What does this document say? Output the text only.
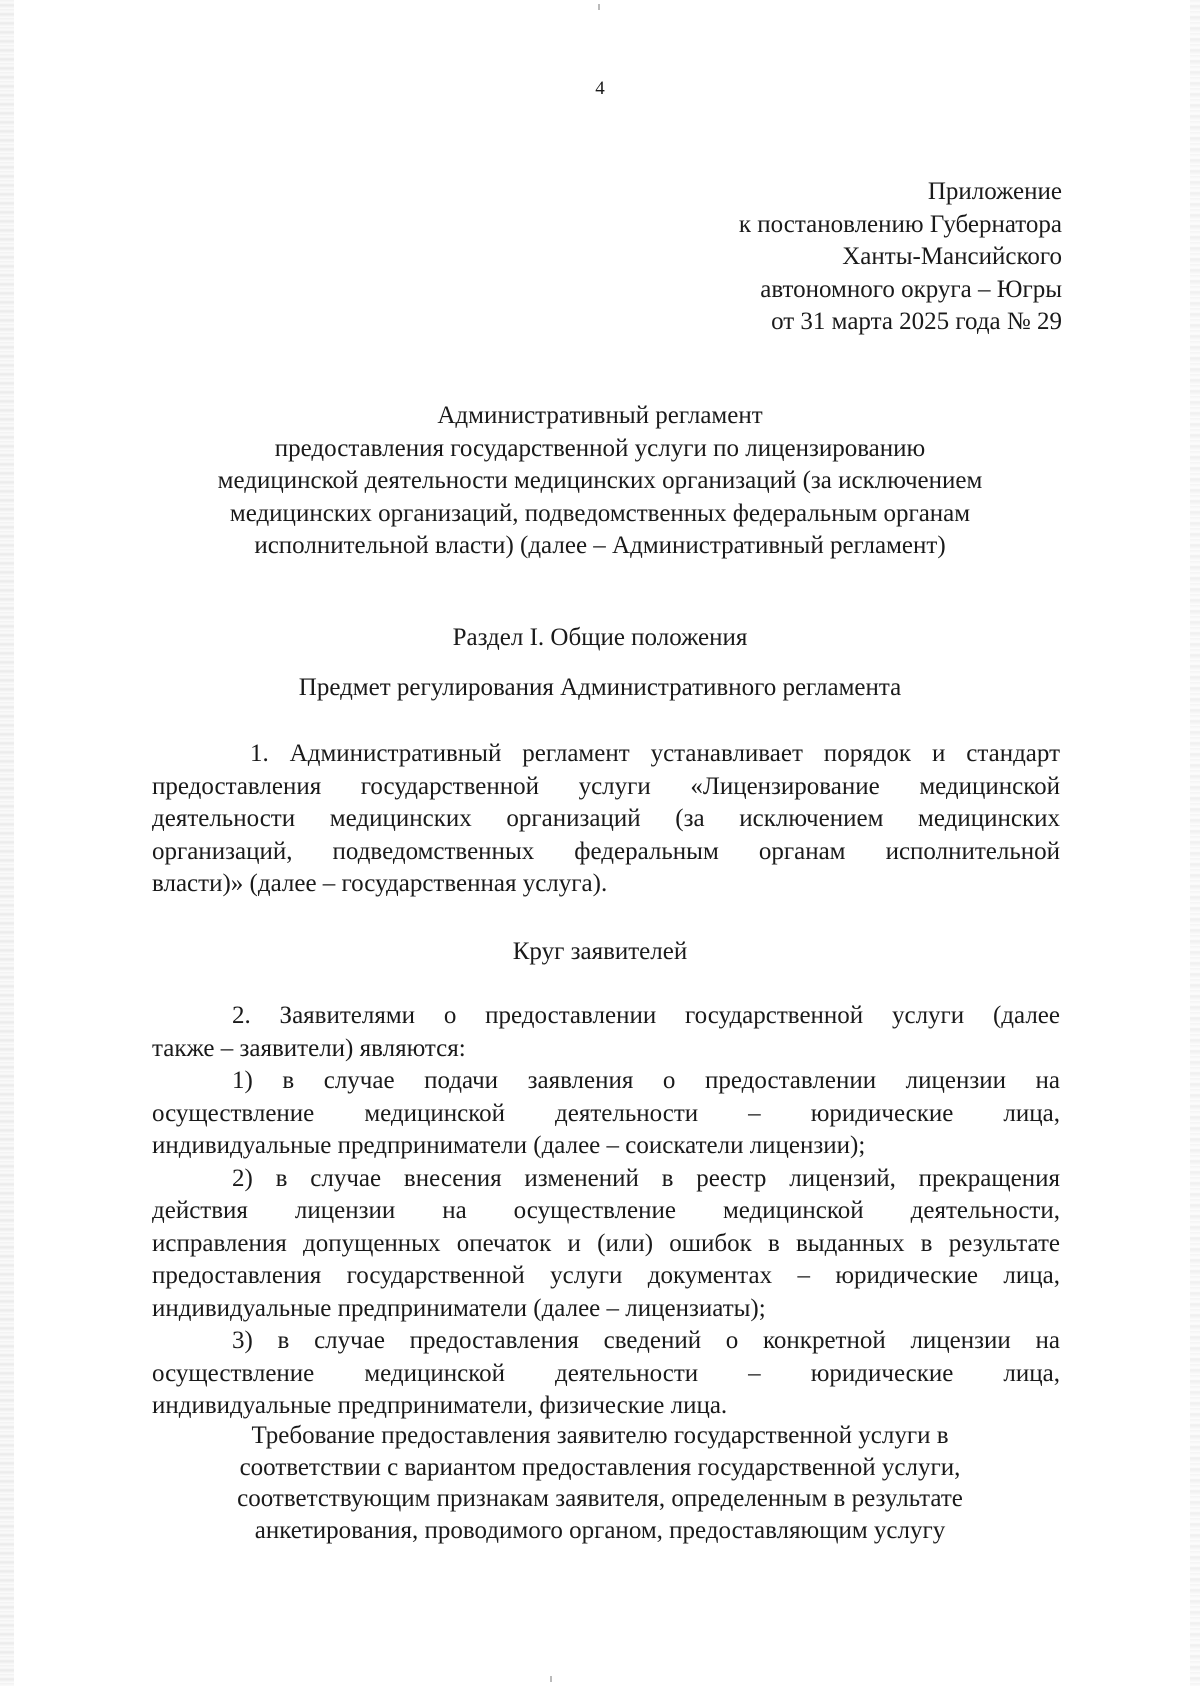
4
Приложение
к постановлению Губернатора
Ханты-Мансийского
автономного округа – Югры
от 31 марта 2025 года № 29
Административный регламент
предоставления государственной услуги по лицензированию
медицинской деятельности медицинских организаций (за исключением
медицинских организаций, подведомственных федеральным органам
исполнительной власти) (далее – Административный регламент)
Раздел I. Общие положения
Предмет регулирования Административного регламента
1. Административный регламент устанавливает порядок и стандарт
предоставления государственной услуги «Лицензирование медицинской
деятельности медицинских организаций (за исключением медицинских
организаций, подведомственных федеральным органам исполнительной
власти)» (далее – государственная услуга).
Круг заявителей
2. Заявителями о предоставлении государственной услуги (далее
также – заявители) являются:
1) в случае подачи заявления о предоставлении лицензии на
осуществление медицинской деятельности – юридические лица,
индивидуальные предприниматели (далее – соискатели лицензии);
2) в случае внесения изменений в реестр лицензий, прекращения
действия лицензии на осуществление медицинской деятельности,
исправления допущенных опечаток и (или) ошибок в выданных в результате
предоставления государственной услуги документах – юридические лица,
индивидуальные предприниматели (далее – лицензиаты);
3) в случае предоставления сведений о конкретной лицензии на
осуществление медицинской деятельности – юридические лица,
индивидуальные предприниматели, физические лица.
Требование предоставления заявителю государственной услуги в
соответствии с вариантом предоставления государственной услуги,
соответствующим признакам заявителя, определенным в результате
анкетирования, проводимого органом, предоставляющим услугу
